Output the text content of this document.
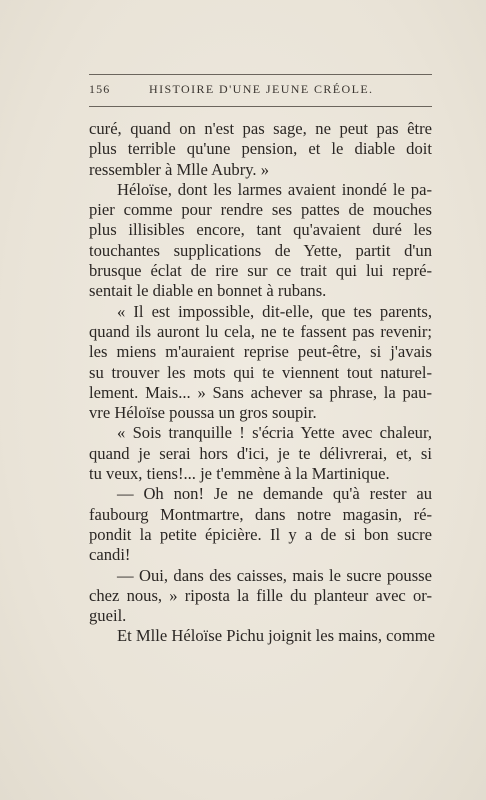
156	HISTOIRE D'UNE JEUNE CRÉOLE.
curé, quand on n'est pas sage, ne peut pas être
plus terrible qu'une pension, et le diable doit
ressembler à Mlle Aubry. »
Héloïse, dont les larmes avaient inondé le pa-
pier comme pour rendre ses pattes de mouches
plus illisibles encore, tant qu'avaient duré les
touchantes supplications de Yette, partit d'un
brusque éclat de rire sur ce trait qui lui repré-
sentait le diable en bonnet à rubans.
« Il est impossible, dit-elle, que tes parents,
quand ils auront lu cela, ne te fassent pas revenir;
les miens m'auraient reprise peut-être, si j'avais
su trouver les mots qui te viennent tout naturel-
lement. Mais... » Sans achever sa phrase, la pau-
vre Héloïse poussa un gros soupir.
« Sois tranquille ! s'écria Yette avec chaleur,
quand je serai hors d'ici, je te délivrerai, et, si
tu veux, tiens!... je t'emmène à la Martinique.
— Oh non! Je ne demande qu'à rester au
faubourg Montmartre, dans notre magasin, ré-
pondit la petite épicière. Il y a de si bon sucre
candi!
— Oui, dans des caisses, mais le sucre pousse
chez nous, » riposta la fille du planteur avec or-
gueil.
Et Mlle Héloïse Pichu joignit les mains, comme
